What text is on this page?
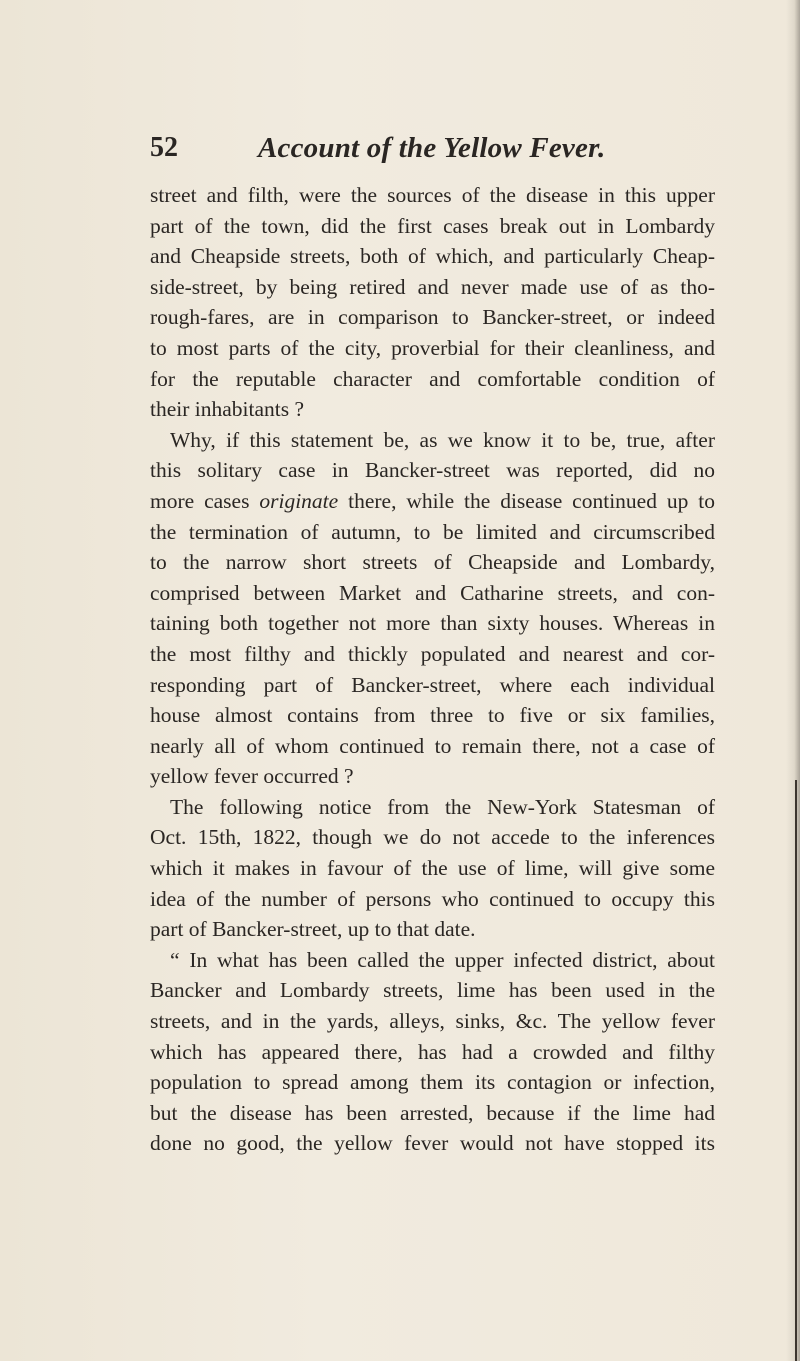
52	Account of the Yellow Fever.
street and filth, were the sources of the disease in this upper
part of the town, did the first cases break out in Lombardy
and Cheapside streets, both of which, and particularly Cheap-
side-street, by being retired and never made use of as tho-
rough-fares, are in comparison to Bancker-street, or indeed
to most parts of the city, proverbial for their cleanliness, and
for the reputable character and comfortable condition of
their inhabitants ?
Why, if this statement be, as we know it to be, true, after
this solitary case in Bancker-street was reported, did no
more cases originate there, while the disease continued up to
the termination of autumn, to be limited and circumscribed
to the narrow short streets of Cheapside and Lombardy,
comprised between Market and Catharine streets, and con-
taining both together not more than sixty houses. Whereas in
the most filthy and thickly populated and nearest and cor-
responding part of Bancker-street, where each individual
house almost contains from three to five or six families,
nearly all of whom continued to remain there, not a case of
yellow fever occurred ?
The following notice from the New-York Statesman of
Oct. 15th, 1822, though we do not accede to the inferences
which it makes in favour of the use of lime, will give some
idea of the number of persons who continued to occupy this
part of Bancker-street, up to that date.
“ In what has been called the upper infected district, about
Bancker and Lombardy streets, lime has been used in the
streets, and in the yards, alleys, sinks, &c. The yellow fever
which has appeared there, has had a crowded and filthy
population to spread among them its contagion or infection,
but the disease has been arrested, because if the lime had
done no good, the yellow fever would not have stopped its
